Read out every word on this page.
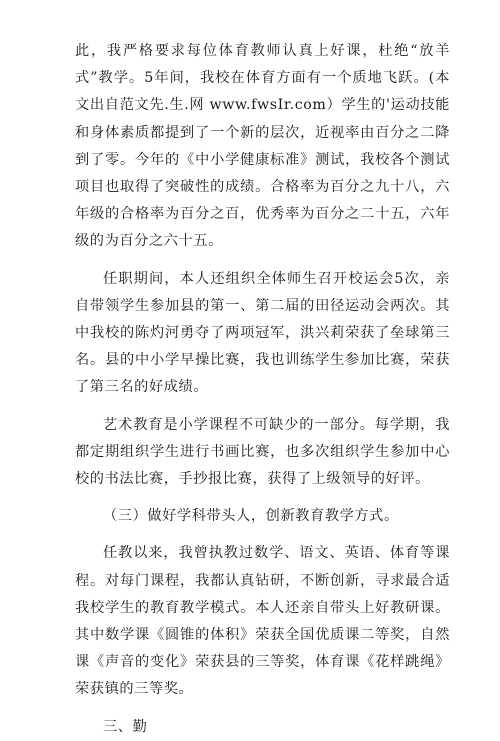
此，我严格要求每位体育教师认真上好课，杜绝“放羊式”教学。5年间，我校在体育方面有一个质地飞跃。(本文出自范文先.生.网 www.fwsIr.com）学生的'运动技能和身体素质都提到了一个新的层次，近视率由百分之二降到了零。今年的《中小学健康标准》测试，我校各个测试项目也取得了突破性的成绩。合格率为百分之九十八，六年级的合格率为百分之百，优秀率为百分之二十五，六年级的为百分之六十五。

任职期间，本人还组织全体师生召开校运会5次，亲自带领学生参加县的第一、第二届的田径运动会两次。其中我校的陈灼河勇夺了两项冠军，洪兴莉荣获了垒球第三名。县的中小学早操比赛，我也训练学生参加比赛，荣获了第三名的好成绩。

艺术教育是小学课程不可缺少的一部分。每学期，我都定期组织学生进行书画比赛，也多次组织学生参加中心校的书法比赛，手抄报比赛，获得了上级领导的好评。

（三）做好学科带头人，创新教育教学方式。

任教以来，我曾执教过数学、语文、英语、体育等课程。对每门课程，我都认真钻研，不断创新，寻求最合适我校学生的教育教学模式。本人还亲自带头上好教研课。其中数学课《圆锥的体积》荣获全国优质课二等奖，自然课《声音的变化》荣获县的三等奖，体育课《花样跳绳》荣获镇的三等奖。

三、勤
